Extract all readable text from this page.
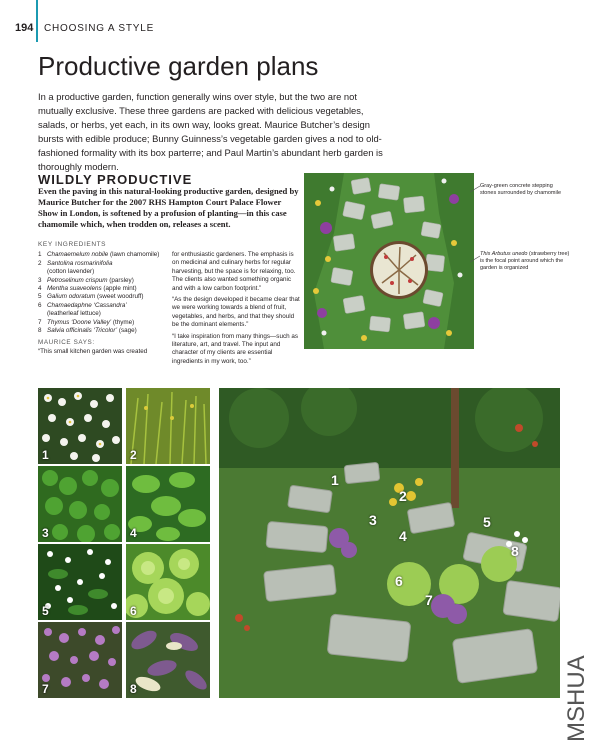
194 CHOOSING A STYLE
Productive garden plans
In a productive garden, function generally wins over style, but the two are not mutually exclusive. These three gardens are packed with delicious vegetables, salads, or herbs, yet each, in its own way, looks great. Maurice Butcher’s design bursts with edible produce; Bunny Guinness’s vegetable garden gives a nod to old-fashioned formality with its box parterre; and Paul Martin’s abundant herb garden is thoroughly modern.
WILDLY PRODUCTIVE
Even the paving in this natural-looking productive garden, designed by Maurice Butcher for the 2007 RHS Hampton Court Palace Flower Show in London, is softened by a profusion of planting—in this case chamomile which, when trodden on, releases a scent.
KEY INGREDIENTS
1 Chamaemelum nobile (lawn chamomile)
2 Santolina rosmarinifolia
(cotton lavender)
3 Petroselinum crispum (parsley)
4 Mentha suaveolens (apple mint)
5 Galium odoratum (sweet woodruff)
6 Chamaedaphne ‘Cassandra’
(leatherleaf lettuce)
7 Thymus ‘Doone Valley’ (thyme)
8 Salvia officinalis ‘Tricolor’ (sage)
MAURICE SAYS:
“This small kitchen garden was created

for enthusiastic gardeners. The emphasis is on medicinal and culinary herbs for regular harvesting, but the space is for relaxing, too. The clients also wanted something organic and with a low carbon footprint.”

“As the design developed it became clear that we were working towards a blend of fruit, vegetables, and herbs, and that they should be the dominant elements.”

“I take inspiration from many things—such as literature, art, and travel. The input and character of my clients are essential ingredients in my work, too.”

Gray-green concrete stepping stones surrounded by chamomile
This Arbutus unedo (strawberry tree) is the focal point around which the garden is organized
1	2
3	4
5	6
7	8
1
2
3
4
5
6
7
8
MSHUA
